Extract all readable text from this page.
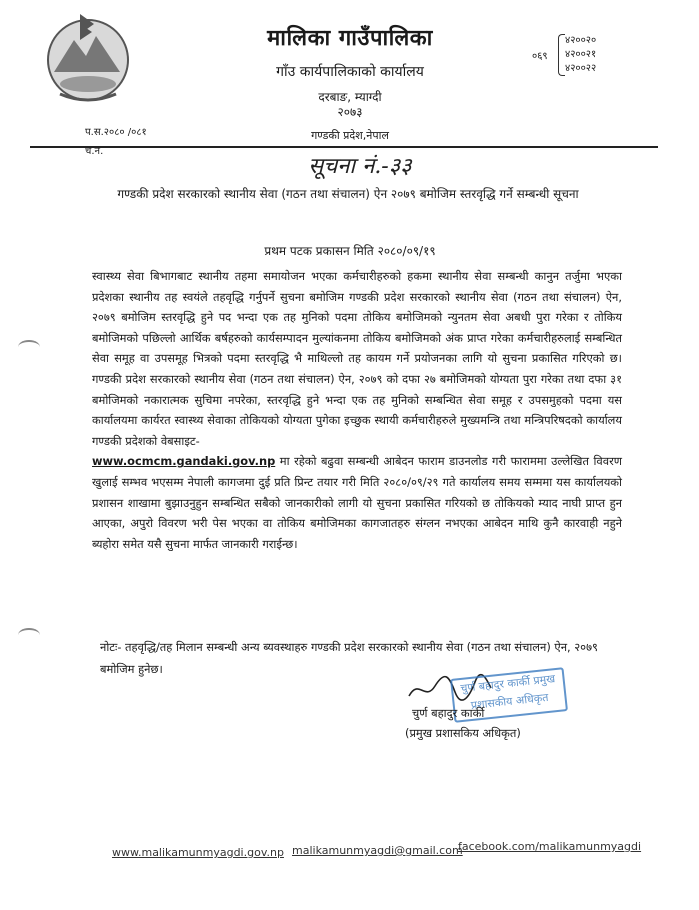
मालिका गाउँपालिका
गाँउ कार्यपालिकाको कार्यालय
दरबाङ, म्याग्दी
२०७३
गण्डकी प्रदेश,नेपाल
प.स.२०८० /०८१
च.न.
०६९
४२००२०
४२००२१
४२००२२
सूचना नं.-३३
गण्डकी प्रदेश सरकारको स्थानीय सेवा (गठन तथा संचालन) ऐन २०७९ बमोजिम स्तरवृद्धि गर्ने सम्बन्धी सूचना
प्रथम पटक प्रकासन मिति २०८०/०९/१९
स्वास्थ्य सेवा बिभागबाट स्थानीय तहमा समायोजन भएका कर्मचारीहरुको हकमा स्थानीय सेवा सम्बन्धी कानुन तर्जुमा भएका प्रदेशका स्थानीय तह स्वयंले तहवृद्धि गर्नुपर्ने सुचना बमोजिम गण्डकी प्रदेश सरकारको स्थानीय सेवा (गठन तथा संचालन) ऐन, २०७९ बमोजिम स्तरवृद्धि हुने पद भन्दा एक तह मुनिको पदमा तोकिय बमोजिमको न्युनतम सेवा अबधी पुरा गरेका र तोकिय बमोजिमको पछिल्लो आर्थिक बर्षहरुको कार्यसम्पादन मुल्यांकनमा तोकिय बमोजिमको अंक प्राप्त गरेका कर्मचारीहरुलाई सम्बन्धित सेवा समूह वा उपसमूह भित्रको पदमा स्तरवृद्धि भै माथिल्लो तह कायम गर्ने प्रयोजनका लागि यो सुचना प्रकासित गरिएको छ। गण्डकी प्रदेश सरकारको स्थानीय सेवा (गठन तथा संचालन) ऐन, २०७९ को दफा २७ बमोजिमको योग्यता पुरा गरेका तथा दफा ३१ बमोजिमको नकारात्मक सुचिमा नपरेका, स्तरवृद्धि हुने भन्दा एक तह मुनिको सम्बन्धित सेवा समूह र उपसमुहको पदमा यस कार्यालयमा कार्यरत स्वास्थ्य सेवाका तोकियको योग्यता पुगेका इच्छुक स्थायी कर्मचारीहरुले मुख्यमन्त्रि तथा मन्त्रिपरिषदको कार्यालय गण्डकी प्रदेशको वेबसाइट-
www.ocmcm.gandaki.gov.np मा रहेको बढुवा सम्बन्धी आबेदन फाराम डाउनलोड गरी फाराममा उल्लेखित विवरण खुलाई सम्भव भएसम्म नेपाली कागजमा दुई प्रति प्रिन्ट तयार गरी मिति २०८०/०९/२९ गते कार्यालय समय सम्ममा यस कार्यालयको प्रशासन शाखामा बुझाउनुहुन सम्बन्धित सबैको जानकारीको लागी यो सुचना प्रकासित गरियको छ तोकियको म्याद नाघी प्राप्त हुन आएका, अपुरो विवरण भरी पेस भएका वा तोकिय बमोजिमका कागजातहरु संग्लन नभएका आबेदन माथि कुनै कारवाही नहुने ब्यहोरा समेत यसै सुचना मार्फत जानकारी गराईन्छ।
नोटः- तहवृद्धि/तह मिलान सम्बन्धी अन्य ब्यवस्थाहरु गण्डकी प्रदेश सरकारको स्थानीय सेवा (गठन तथा संचालन) ऐन, २०७९ बमोजिम हुनेछ।
चुर्ण बहादुर कार्की प्रमुख प्रशासकीय अधिकृत
चुर्ण बहादुर कार्की
(प्रमुख प्रशासकिय अधिकृत)
www.malikamunmyagdi.gov.np malikamunmyagdi@gmail.com
facebook.com/malikamunmyagdi
